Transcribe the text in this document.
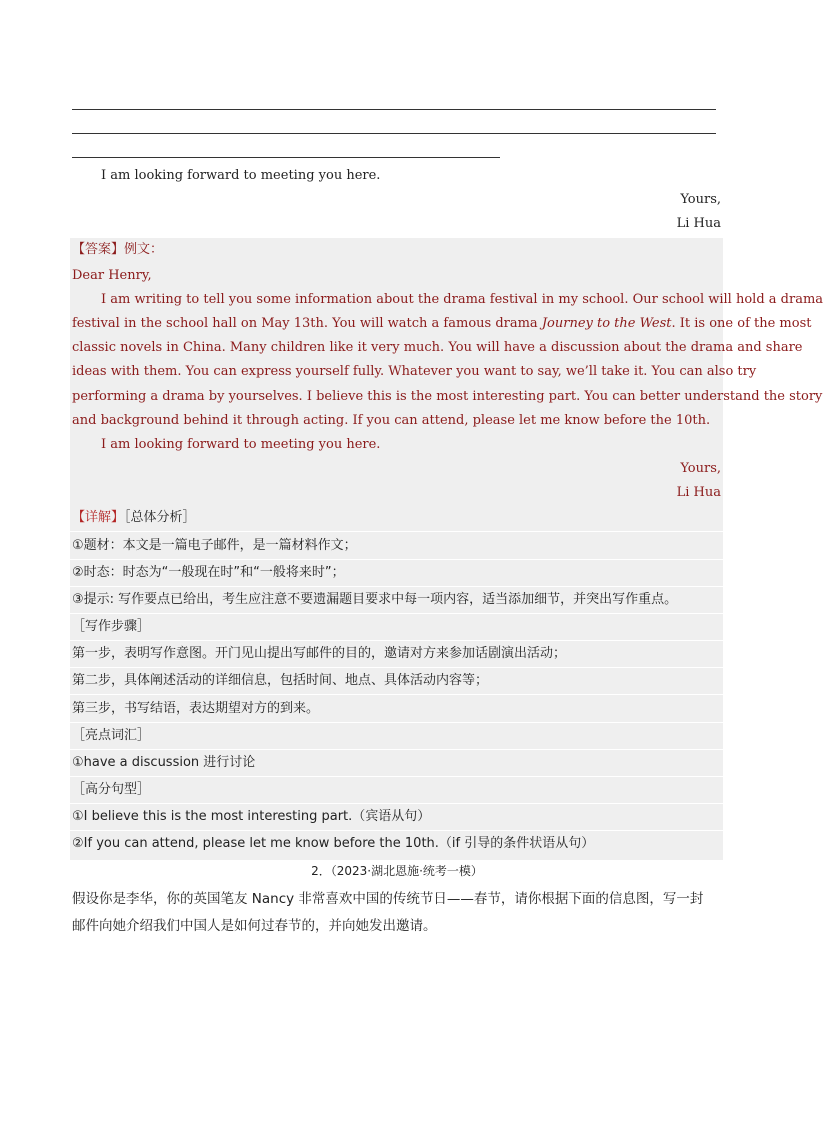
I am looking forward to meeting you here.
Yours,
Li Hua
【答案】例文：
Dear Henry,
I am writing to tell you some information about the drama festival in my school. Our school will hold a drama
festival in the school hall on May 13th. You will watch a famous drama Journey to the West. It is one of the most
classic novels in China. Many children like it very much. You will have a discussion about the drama and share
ideas with them. You can express yourself fully. Whatever you want to say, we’ll take it. You can also try
performing a drama by yourselves. I believe this is the most interesting part. You can better understand the story
and background behind it through acting. If you can attend, please let me know before the 10th.
I am looking forward to meeting you here.
Yours,
Li Hua
【详解】［总体分析］
①题材：本文是一篇电子邮件，是一篇材料作文；
②时态：时态为“一般现在时”和“一般将来时”；
③提示: 写作要点已给出，考生应注意不要遗漏题目要求中每一项内容，适当添加细节，并突出写作重点。
［写作步骤］
第一步，表明写作意图。开门见山提出写邮件的目的，邀请对方来参加话剧演出活动；
第二步，具体阐述活动的详细信息，包括时间、地点、具体活动内容等；
第三步，书写结语，表达期望对方的到来。
［亮点词汇］
①have a discussion 进行讨论
［高分句型］
①I believe this is the most interesting part.（宾语从句）
②If you can attend, please let me know before the 10th.（if 引导的条件状语从句）
2．（2023·湖北恩施·统考一模）
假设你是李华，你的英国笔友 Nancy 非常喜欢中国的传统节日——春节，请你根据下面的信息图，写一封
邮件向她介绍我们中国人是如何过春节的，并向她发出邀请。
